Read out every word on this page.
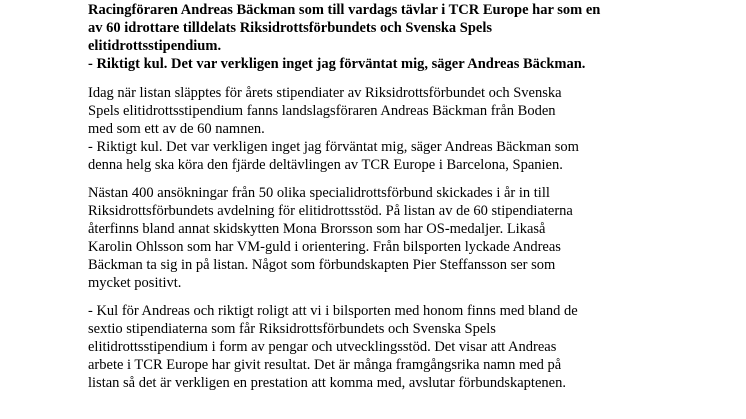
Racingföraren Andreas Bäckman som till vardags tävlar i TCR Europe har som en
av 60 idrottare tilldelats Riksidrottsförbundets och Svenska Spels
elitidrottsstipendium.
- Riktigt kul. Det var verkligen inget jag förväntat mig, säger Andreas Bäckman.
Idag när listan släpptes för årets stipendiater av Riksidrottsförbundet och Svenska
Spels elitidrottsstipendium fanns landslagsföraren Andreas Bäckman från Boden
med som ett av de 60 namnen.
- Riktigt kul. Det var verkligen inget jag förväntat mig, säger Andreas Bäckman som
denna helg ska köra den fjärde deltävlingen av TCR Europe i Barcelona, Spanien.
Nästan 400 ansökningar från 50 olika specialidrottsförbund skickades i år in till
Riksidrottsförbundets avdelning för elitidrottsstöd. På listan av de 60 stipendiaterna
återfinns bland annat skidskytten Mona Brorsson som har OS-medaljer. Likaså
Karolin Ohlsson som har VM-guld i orientering. Från bilsporten lyckade Andreas
Bäckman ta sig in på listan. Något som förbundskapten Pier Steffansson ser som
mycket positivt.
- Kul för Andreas och riktigt roligt att vi i bilsporten med honom finns med bland de
sextio stipendiaterna som får Riksidrottsförbundets och Svenska Spels
elitidrottsstipendium i form av pengar och utvecklingsstöd. Det visar att Andreas
arbete i TCR Europe har givit resultat. Det är många framgångsrika namn med på
listan så det är verkligen en prestation att komma med, avslutar förbundskaptenen.
